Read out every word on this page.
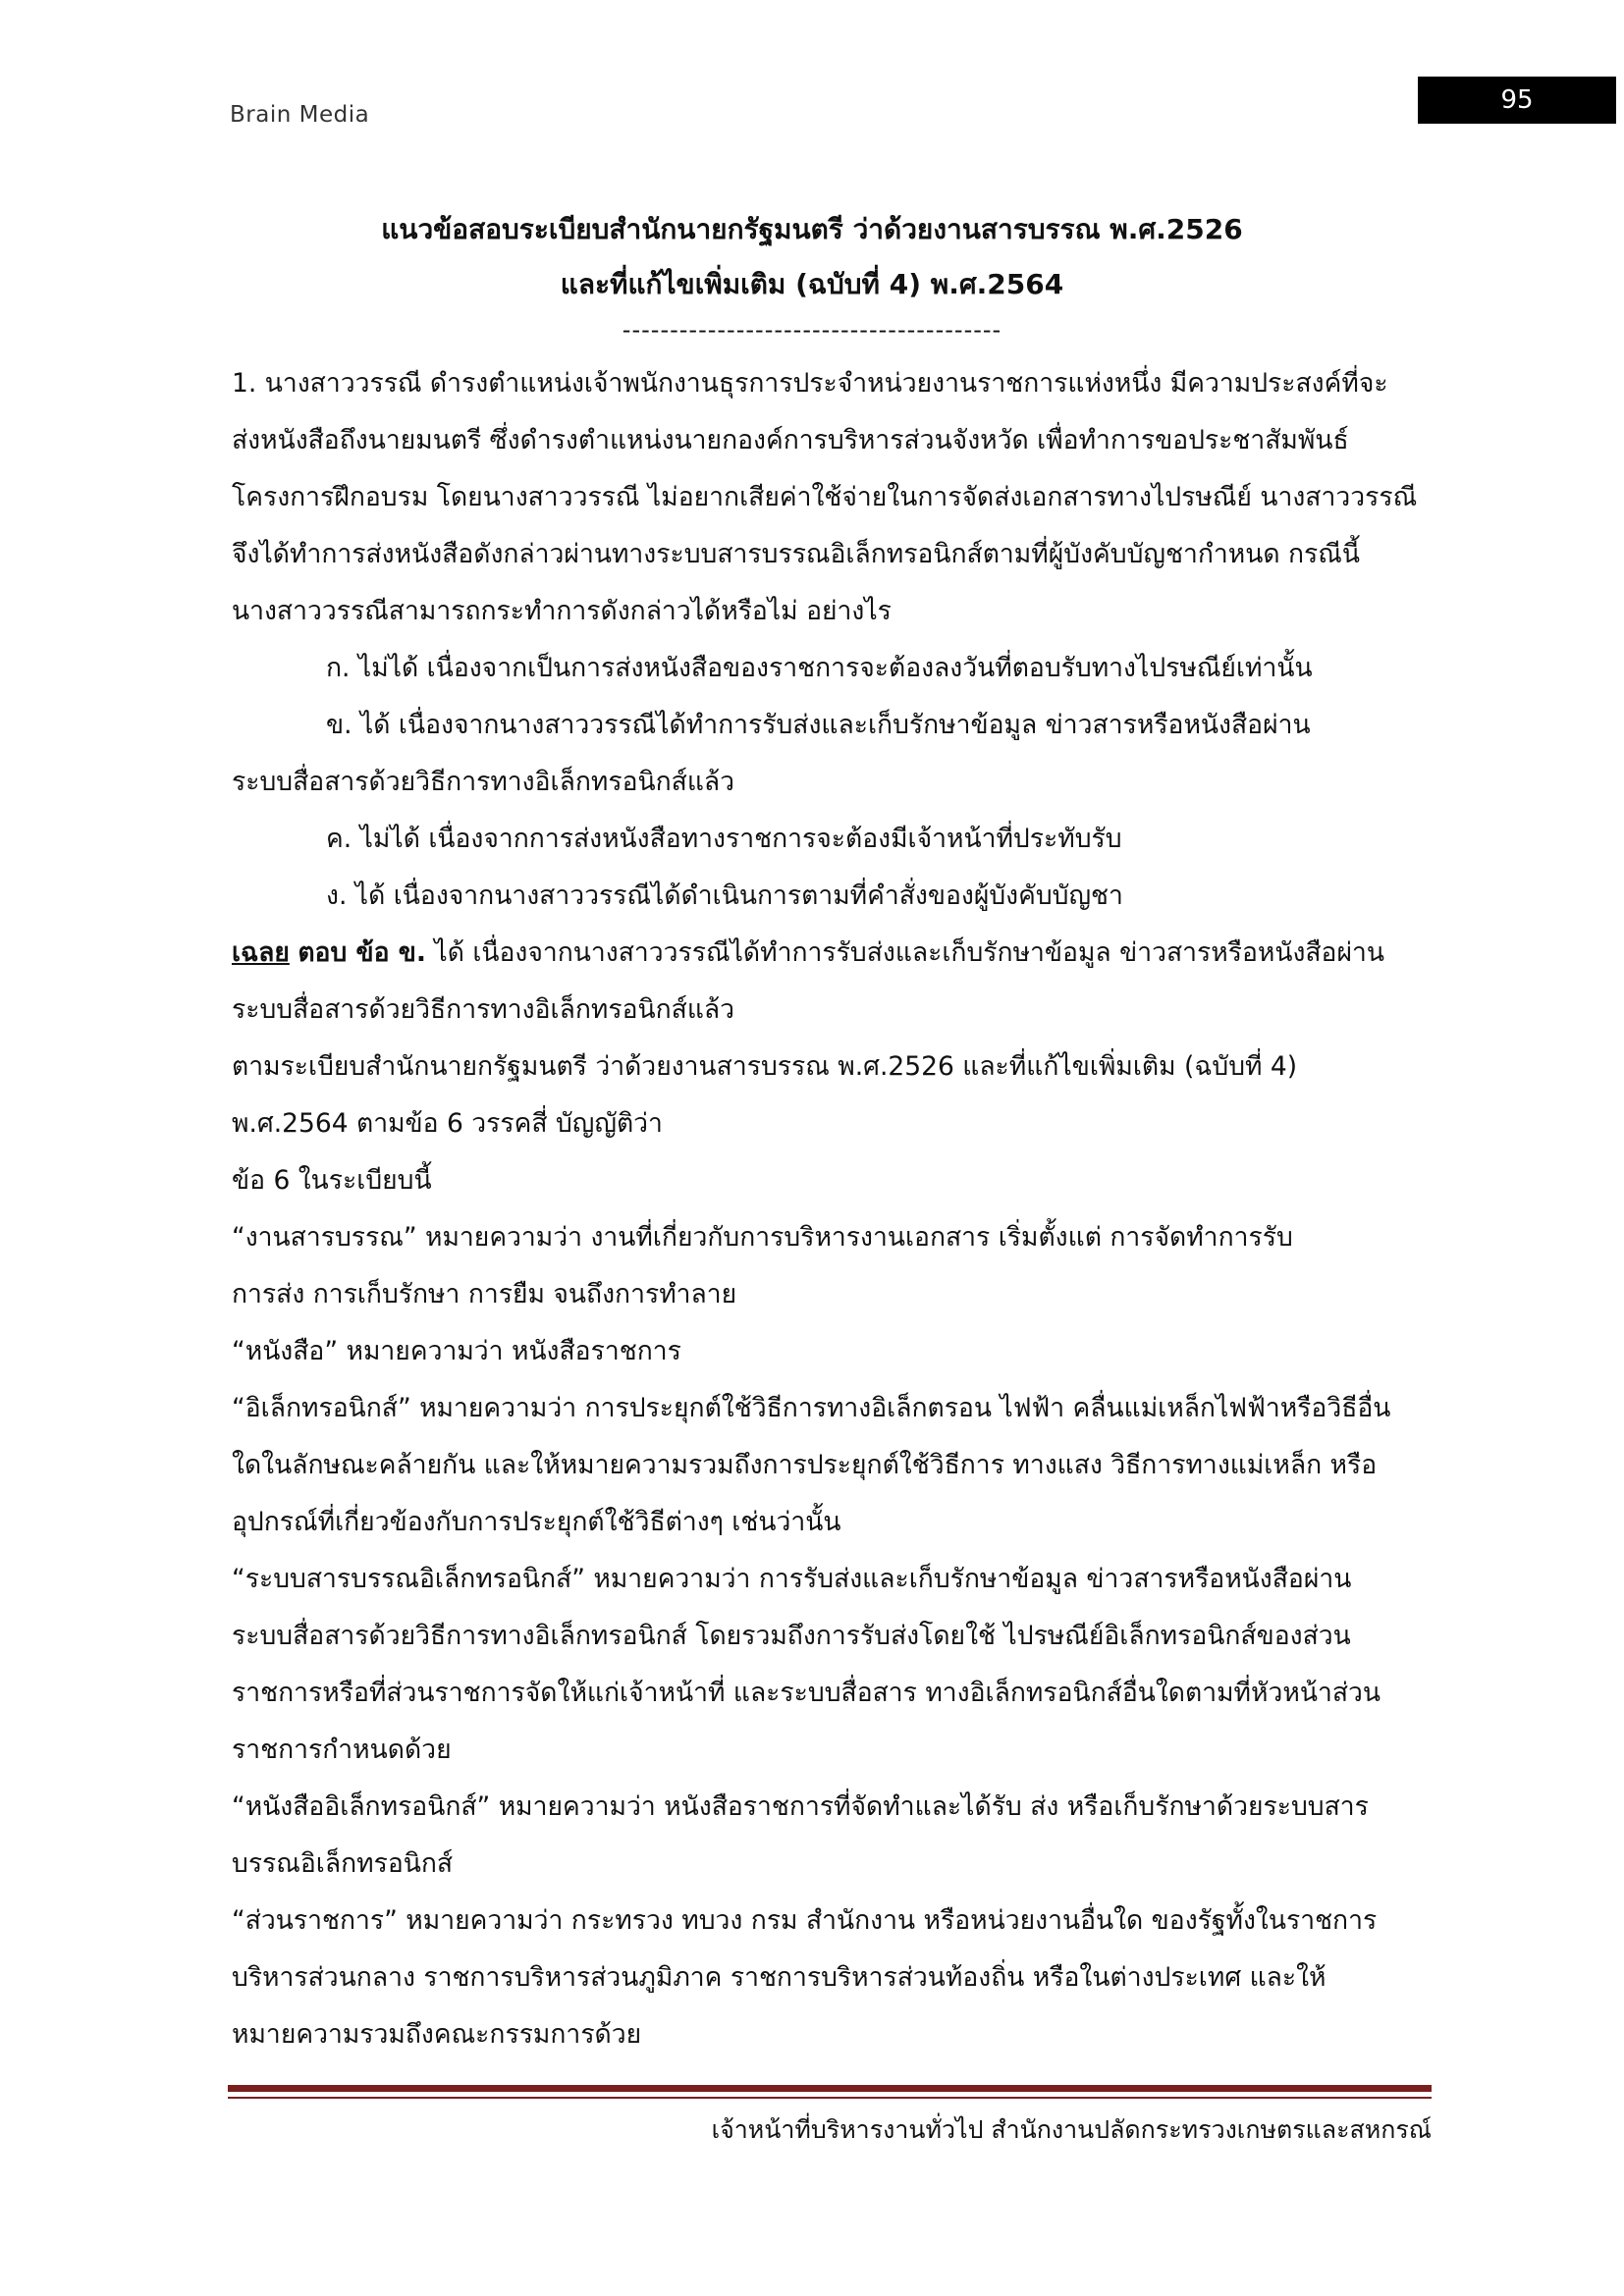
Brain Media	95
แนวข้อสอบระเบียบสำนักนายกรัฐมนตรี ว่าด้วยงานสารบรรณ พ.ศ.2526
และที่แก้ไขเพิ่มเติม (ฉบับที่ 4) พ.ศ.2564
----------------------------------------
1. นางสาววรรณี ดำรงตำแหน่งเจ้าพนักงานธุรการประจำหน่วยงานราชการแห่งหนึ่ง มีความประสงค์ที่จะ
ส่งหนังสือถึงนายมนตรี ซึ่งดำรงตำแหน่งนายกองค์การบริหารส่วนจังหวัด เพื่อทำการขอประชาสัมพันธ์
โครงการฝึกอบรม โดยนางสาววรรณี ไม่อยากเสียค่าใช้จ่ายในการจัดส่งเอกสารทางไปรษณีย์ นางสาววรรณี
จึงได้ทำการส่งหนังสือดังกล่าวผ่านทางระบบสารบรรณอิเล็กทรอนิกส์ตามที่ผู้บังคับบัญชากำหนด กรณีนี้
นางสาววรรณีสามารถกระทำการดังกล่าวได้หรือไม่ อย่างไร
ก. ไม่ได้ เนื่องจากเป็นการส่งหนังสือของราชการจะต้องลงวันที่ตอบรับทางไปรษณีย์เท่านั้น
ข. ได้ เนื่องจากนางสาววรรณีได้ทำการรับส่งและเก็บรักษาข้อมูล ข่าวสารหรือหนังสือผ่าน
ระบบสื่อสารด้วยวิธีการทางอิเล็กทรอนิกส์แล้ว
ค. ไม่ได้ เนื่องจากการส่งหนังสือทางราชการจะต้องมีเจ้าหน้าที่ประทับรับ
ง. ได้ เนื่องจากนางสาววรรณีได้ดำเนินการตามที่คำสั่งของผู้บังคับบัญชา
เฉลย ตอบ ข้อ ข. ได้ เนื่องจากนางสาววรรณีได้ทำการรับส่งและเก็บรักษาข้อมูล ข่าวสารหรือหนังสือผ่าน
ระบบสื่อสารด้วยวิธีการทางอิเล็กทรอนิกส์แล้ว
ตามระเบียบสำนักนายกรัฐมนตรี ว่าด้วยงานสารบรรณ พ.ศ.2526 และที่แก้ไขเพิ่มเติม (ฉบับที่ 4)
พ.ศ.2564 ตามข้อ 6 วรรคสี่ บัญญัติว่า
ข้อ 6 ในระเบียบนี้
“งานสารบรรณ” หมายความว่า งานที่เกี่ยวกับการบริหารงานเอกสาร เริ่มตั้งแต่ การจัดทำการรับ
การส่ง การเก็บรักษา การยืม จนถึงการทำลาย
“หนังสือ” หมายความว่า หนังสือราชการ
“อิเล็กทรอนิกส์” หมายความว่า การประยุกต์ใช้วิธีการทางอิเล็กตรอน ไฟฟ้า คลื่นแม่เหล็กไฟฟ้าหรือวิธีอื่น
ใดในลักษณะคล้ายกัน และให้หมายความรวมถึงการประยุกต์ใช้วิธีการ ทางแสง วิธีการทางแม่เหล็ก หรือ
อุปกรณ์ที่เกี่ยวข้องกับการประยุกต์ใช้วิธีต่างๆ เช่นว่านั้น
“ระบบสารบรรณอิเล็กทรอนิกส์” หมายความว่า การรับส่งและเก็บรักษาข้อมูล ข่าวสารหรือหนังสือผ่าน
ระบบสื่อสารด้วยวิธีการทางอิเล็กทรอนิกส์ โดยรวมถึงการรับส่งโดยใช้ ไปรษณีย์อิเล็กทรอนิกส์ของส่วน
ราชการหรือที่ส่วนราชการจัดให้แก่เจ้าหน้าที่ และระบบสื่อสาร ทางอิเล็กทรอนิกส์อื่นใดตามที่หัวหน้าส่วน
ราชการกำหนดด้วย
“หนังสืออิเล็กทรอนิกส์” หมายความว่า หนังสือราชการที่จัดทำและได้รับ ส่ง หรือเก็บรักษาด้วยระบบสาร
บรรณอิเล็กทรอนิกส์
“ส่วนราชการ” หมายความว่า กระทรวง ทบวง กรม สำนักงาน หรือหน่วยงานอื่นใด ของรัฐทั้งในราชการ
บริหารส่วนกลาง ราชการบริหารส่วนภูมิภาค ราชการบริหารส่วนท้องถิ่น หรือในต่างประเทศ และให้
หมายความรวมถึงคณะกรรมการด้วย
เจ้าหน้าที่บริหารงานทั่วไป สำนักงานปลัดกระทรวงเกษตรและสหกรณ์
